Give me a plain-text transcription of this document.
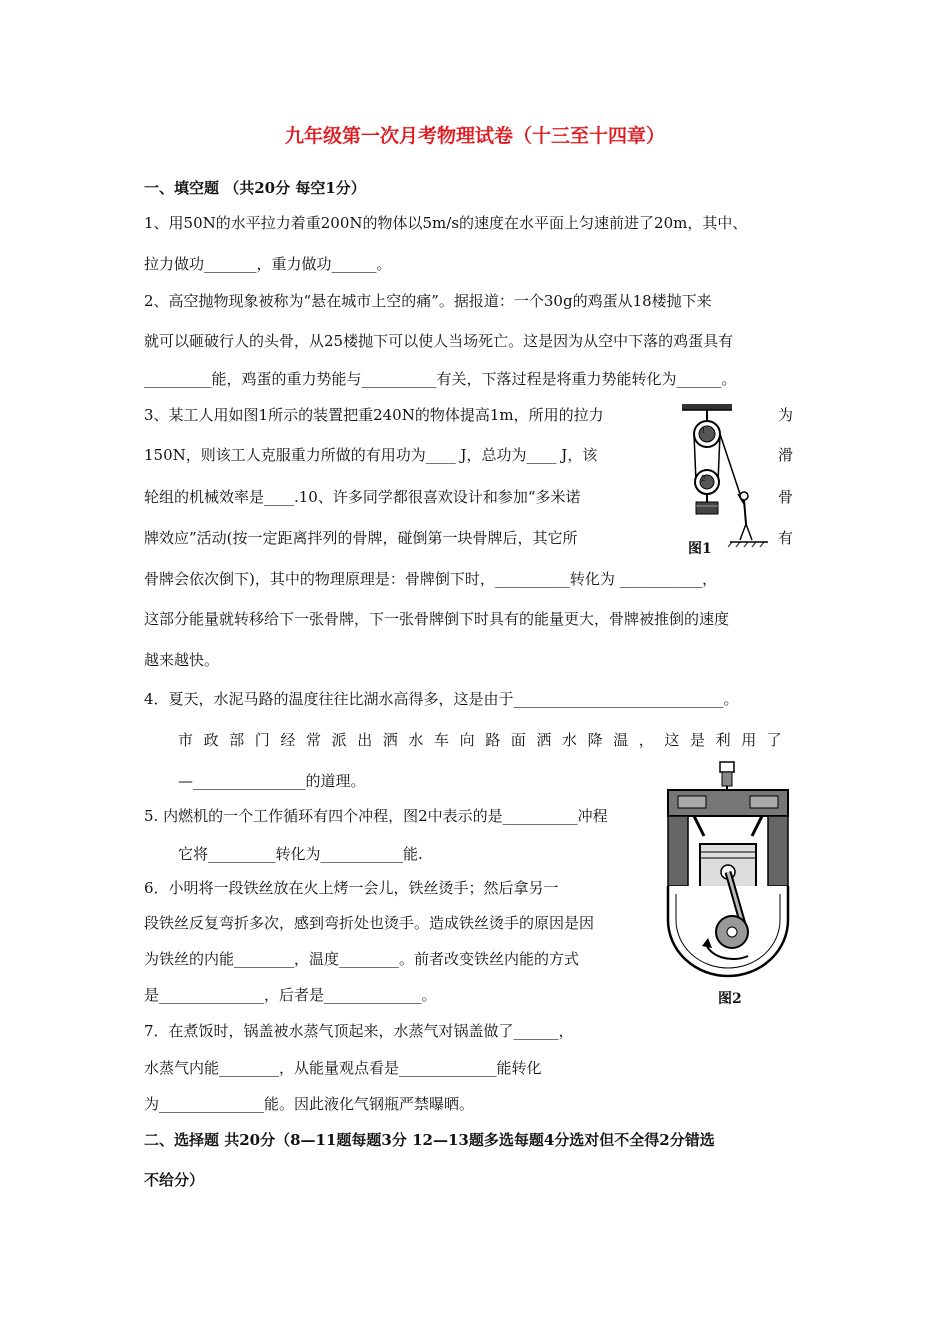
九年级第一次月考物理试卷（十三至十四章）
一、填空题 （共20分 每空1分）
1、用50N的水平拉力着重200N的物体以5m/s的速度在水平面上匀速前进了20m，其中、
拉力做功_______，重力做功______。
2、高空抛物现象被称为“悬在城市上空的痛”。据报道：一个30g的鸡蛋从18楼抛下来
就可以砸破行人的头骨，从25楼抛下可以使人当场死亡。这是因为从空中下落的鸡蛋具有
_________能，鸡蛋的重力势能与__________有关，下落过程是将重力势能转化为______。
3、某工人用如图1所示的装置把重240N的物体提高1m，所用的拉力	为
150N，则该工人克服重力所做的有用功为____ J，总功为____ J，该	滑
轮组的机械效率是____.10、许多同学都很喜欢设计和参加“多米诺	骨
牌效应”活动(按一定距离拌列的骨牌，碰倒第一块骨牌后，其它所	有
骨牌会依次倒下)，其中的物理原理是：骨牌倒下时，__________转化为 ___________，
这部分能量就转移给下一张骨牌，下一张骨牌倒下时具有的能量更大，骨牌被推倒的速度
越来越快。
1
2
图1
4．夏天，水泥马路的温度往往比湖水高得多，这是由于____________________________。
市政部门经常派出洒水车向路面洒水降温，这是利用了
—_______________的道理。
5. 内燃机的一个工作循环有四个冲程，图2中表示的是__________冲程
它将_________转化为___________能.
图2
6．小明将一段铁丝放在火上烤一会儿，铁丝烫手；然后拿另一
段铁丝反复弯折多次，感到弯折处也烫手。造成铁丝烫手的原因是因
为铁丝的内能________，温度________。前者改变铁丝内能的方式
是______________，后者是_____________。
7．在煮饭时，锅盖被水蒸气顶起来，水蒸气对锅盖做了______，
水蒸气内能________，从能量观点看是_____________能转化
为______________能。因此液化气钢瓶严禁曝晒。
二、选择题 共20分（8—11题每题3分 12—13题多选每题4分选对但不全得2分错选
不给分）
